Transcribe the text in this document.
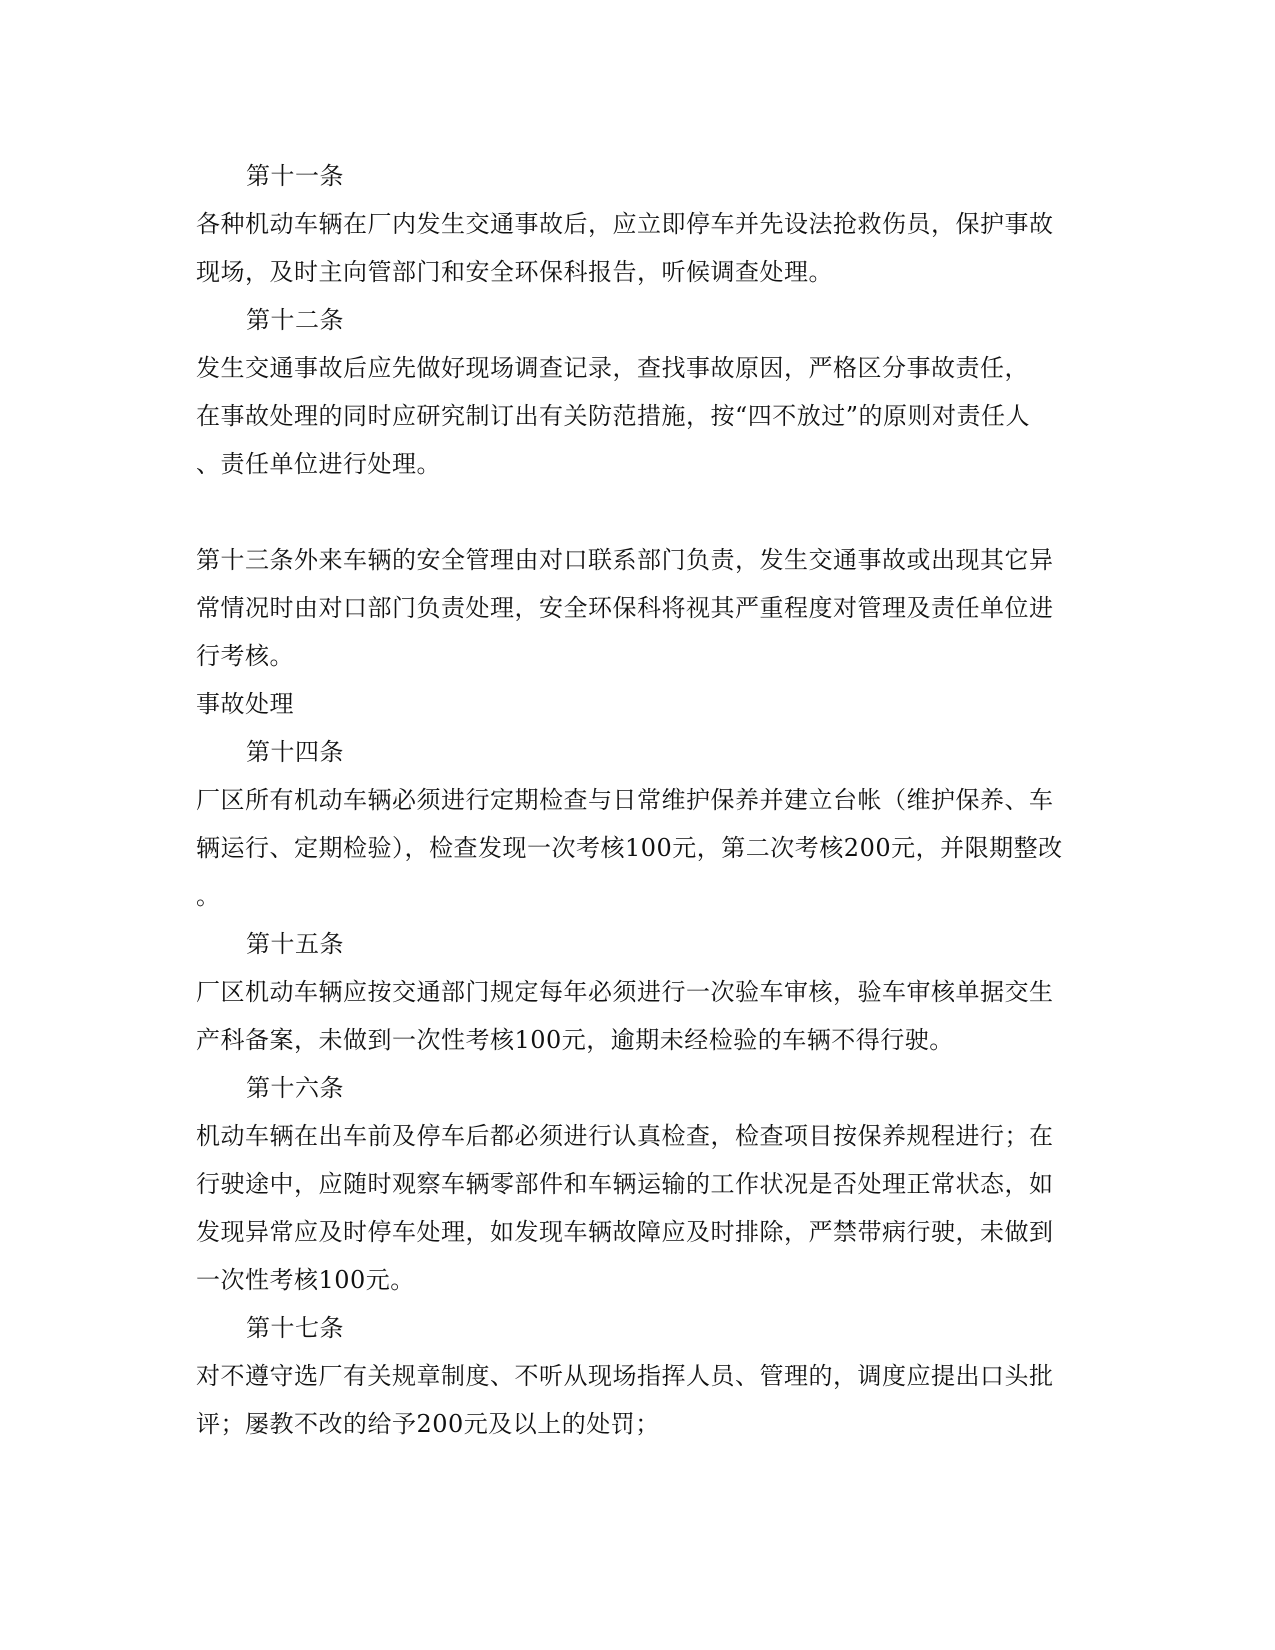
第十一条
各种机动车辆在厂内发生交通事故后，应立即停车并先设法抢救伤员，保护事故
现场，及时主向管部门和安全环保科报告，听候调查处理。
第十二条
发生交通事故后应先做好现场调查记录，查找事故原因，严格区分事故责任，
在事故处理的同时应研究制订出有关防范措施，按“四不放过”的原则对责任人
、责任单位进行处理。
第十三条外来车辆的安全管理由对口联系部门负责，发生交通事故或出现其它异
常情况时由对口部门负责处理，安全环保科将视其严重程度对管理及责任单位进
行考核。
事故处理
第十四条
厂区所有机动车辆必须进行定期检查与日常维护保养并建立台帐（维护保养、车
辆运行、定期检验），检查发现一次考核100元，第二次考核200元，并限期整改
。
第十五条
厂区机动车辆应按交通部门规定每年必须进行一次验车审核，验车审核单据交生
产科备案，未做到一次性考核100元，逾期未经检验的车辆不得行驶。
第十六条
机动车辆在出车前及停车后都必须进行认真检查，检查项目按保养规程进行；在
行驶途中，应随时观察车辆零部件和车辆运输的工作状况是否处理正常状态，如
发现异常应及时停车处理，如发现车辆故障应及时排除，严禁带病行驶，未做到
一次性考核100元。
第十七条
对不遵守选厂有关规章制度、不听从现场指挥人员、管理的，调度应提出口头批
评；屡教不改的给予200元及以上的处罚；
